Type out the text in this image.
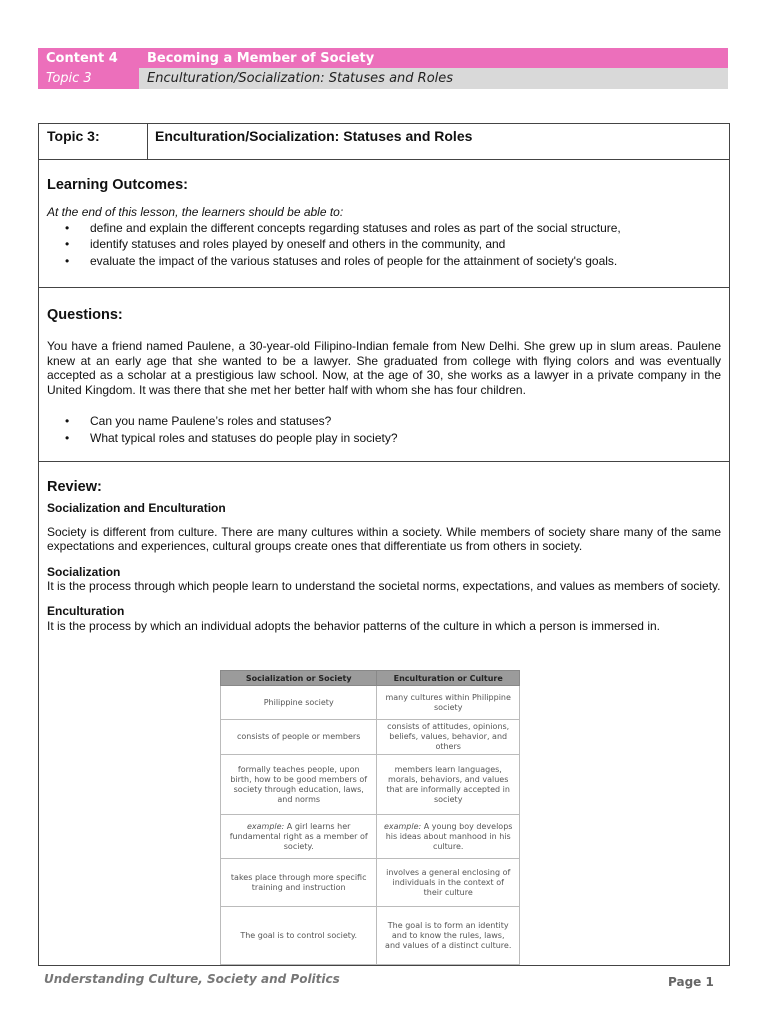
Content 4	Becoming a Member of Society
Topic 3	Enculturation/Socialization: Statuses and Roles
Topic 3:	Enculturation/Socialization: Statuses and Roles
Learning Outcomes:

At the end of this lesson, the learners should be able to:

• define and explain the different concepts regarding statuses and roles as part of the social structure,
• identify statuses and roles played by oneself and others in the community, and
• evaluate the impact of the various statuses and roles of people for the attainment of society's goals.
Questions:

You have a friend named Paulene, a 30-year-old Filipino-Indian female from New Delhi. She grew up in slum areas. Paulene knew at an early age that she wanted to be a lawyer. She graduated from college with flying colors and was eventually accepted as a scholar at a prestigious law school. Now, at the age of 30, she works as a lawyer in a private company in the United Kingdom. It was there that she met her better half with whom she has four children.

• Can you name Paulene’s roles and statuses?
• What typical roles and statuses do people play in society?
Review:
Socialization and Enculturation

Society is different from culture. There are many cultures within a society. While members of society share many of the same expectations and experiences, cultural groups create ones that differentiate us from others in society.

Socialization

It is the process through which people learn to understand the societal norms, expectations, and values as members of society.

Enculturation

It is the process by which an individual adopts the behavior patterns of the culture in which a person is immersed in.

Socialization or Society	Enculturation or Culture
Philippine society	many cultures within Philippine society
consists of people or members	consists of attitudes, opinions, beliefs, values, behavior, and others
formally teaches people, upon birth, how to be good members of society through education, laws, and norms	members learn languages, morals, behaviors, and values that are informally accepted in society
example: A girl learns her fundamental right as a member of society.	example: A young boy develops his ideas about manhood in his culture.
takes place through more specific training and instruction	involves a general enclosing of individuals in the context of their culture
The goal is to control society.	The goal is to form an identity and to know the rules, laws, and values of a distinct culture.
Understanding Culture, Society and Politics	Page 1
